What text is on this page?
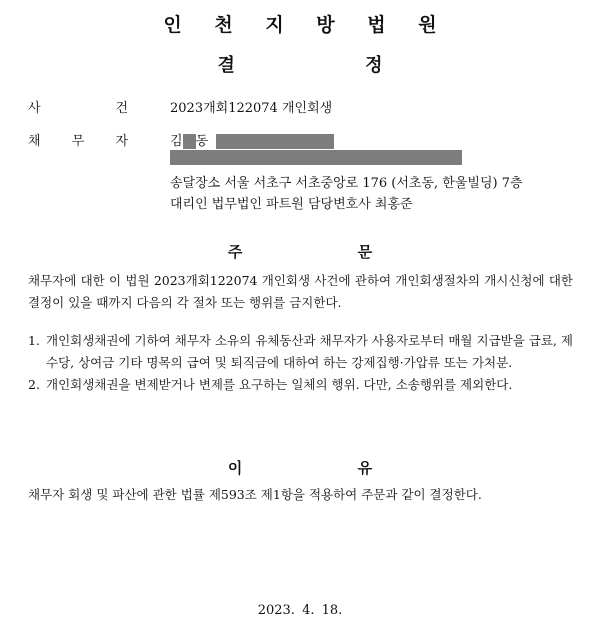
인 천 지 방 법 원
결 정
사	건	2023개회122074 개인회생
채 무 자	김 동
송달장소 서울 서초구 서초중앙로 176 (서초동, 한울빌딩) 7층
대리인 법무법인 파트원 담당변호사 최홍준
주 문
채무자에 대한 이 법원 2023개회122074 개인회생 사건에 관하여 개인회생절차의 개시신청에 대한 결정이 있을 때까지 다음의 각 절차 또는 행위를 금지한다.
1. 개인회생채권에 기하여 채무자 소유의 유체동산과 채무자가 사용자로부터 매월 지급받을 급료, 제수당, 상여금 기타 명목의 급여 및 퇴직금에 대하여 하는 강제집행·가압류 또는 가처분.
2. 개인회생채권을 변제받거나 변제를 요구하는 일체의 행위. 다만, 소송행위를 제외한다.
이 유
채무자 회생 및 파산에 관한 법률 제593조 제1항을 적용하여 주문과 같이 결정한다.
2023. 4. 18.
